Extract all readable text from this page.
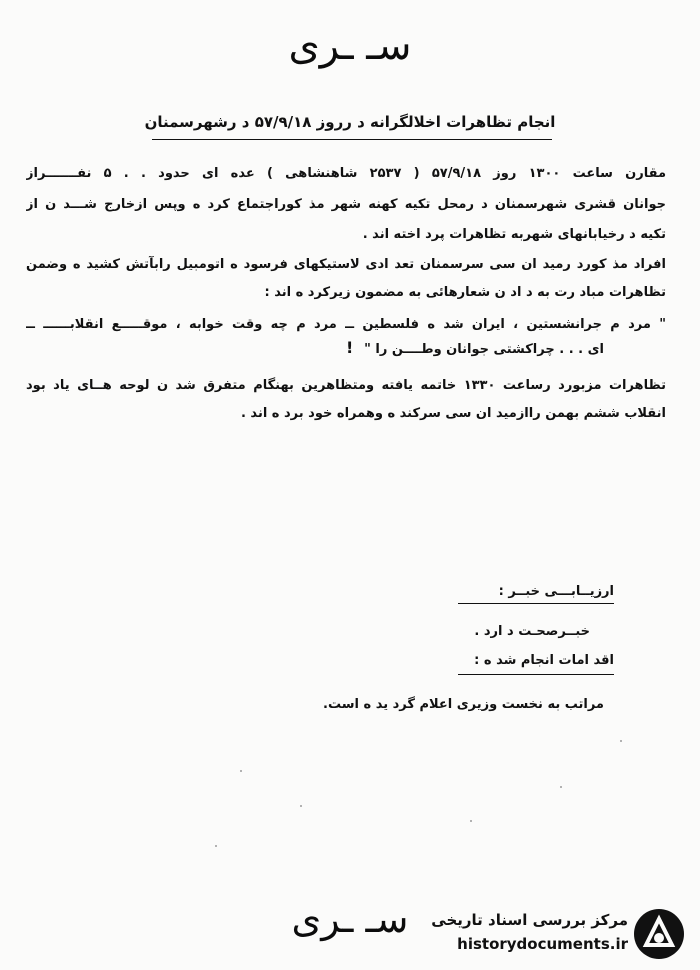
سـ ـرى
انجام تظاهرات اخلالگرانه د رروز ۵۷/۹/۱۸ د رشهرسمنان
مقارن ساعت ۱۳۰۰ روز ۵۷/۹/۱۸ ( ۲۵۳۷ شاهنشاهی ) عده ای حدود . . ۵ نفـــــــراز
جوانان قشری شهرسمنان د رمحل تکیه کهنه شهر مذ کوراجتماع کرد ه وپس ازخارج شـــد ن از
تکیه د رخیابانهای شهربه تظاهرات پرد اخته اند .
افراد مذ کورد رمید ان سی سرسمنان تعد ادی لاستیکهای فرسود ه اتومبیل رابآتش کشید ه وضمن
تظاهرات مباد رت به د اد ن شعارهائی به مضمون زیرکرد ه اند :
" مرد م جرانشستین ، ایران شد ه فلسطین ــ مرد م چه وقت خوابه ، موقـــــع انقلابــــــ ــ
ای . . . چراکشتی جوانان وطــــن را "
!
تظاهرات مزبورد رساعت ۱۳۳۰ خاتمه یافته ومتظاهرین بهنگام متفرق شد ن لوحه هــای یاد بود
انقلاب ششم بهمن راازمید ان سی سرکند ه وهمراه خود برد ه اند .
ارزیــابـــی خبــر :
خبــرصحـت د ارد .
اقد امات انجام شد ه :
مراتب به نخست وزیری اعلام گرد ید ه است.
سـ ـرى مرکز بررسی اسناد تاریخی
historydocuments.ir
